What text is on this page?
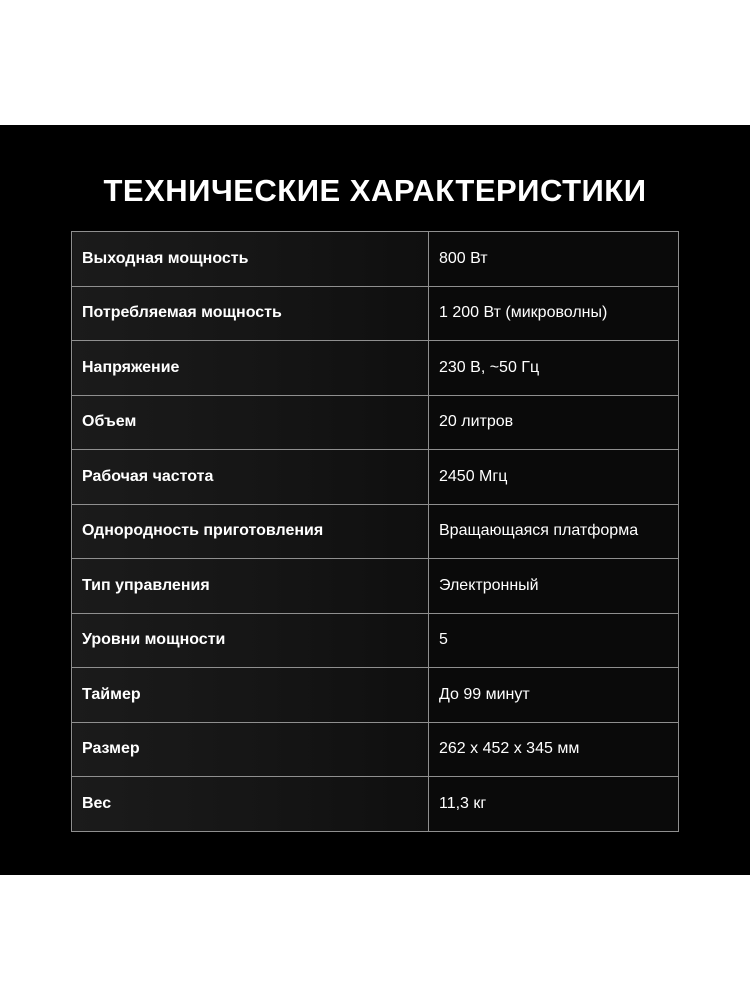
ТЕХНИЧЕСКИЕ ХАРАКТЕРИСТИКИ
Выходная мощность	800 Вт
Потребляемая мощность	1 200 Вт (микроволны)
Напряжение	230 В, ~50 Гц
Объем	20 литров
Рабочая частота	2450 Мгц
Однородность приготовления	Вращающаяся платформа
Тип управления	Электронный
Уровни мощности	5
Таймер	До 99 минут
Размер	262 x 452 x 345 мм
Вес	11,3 кг
